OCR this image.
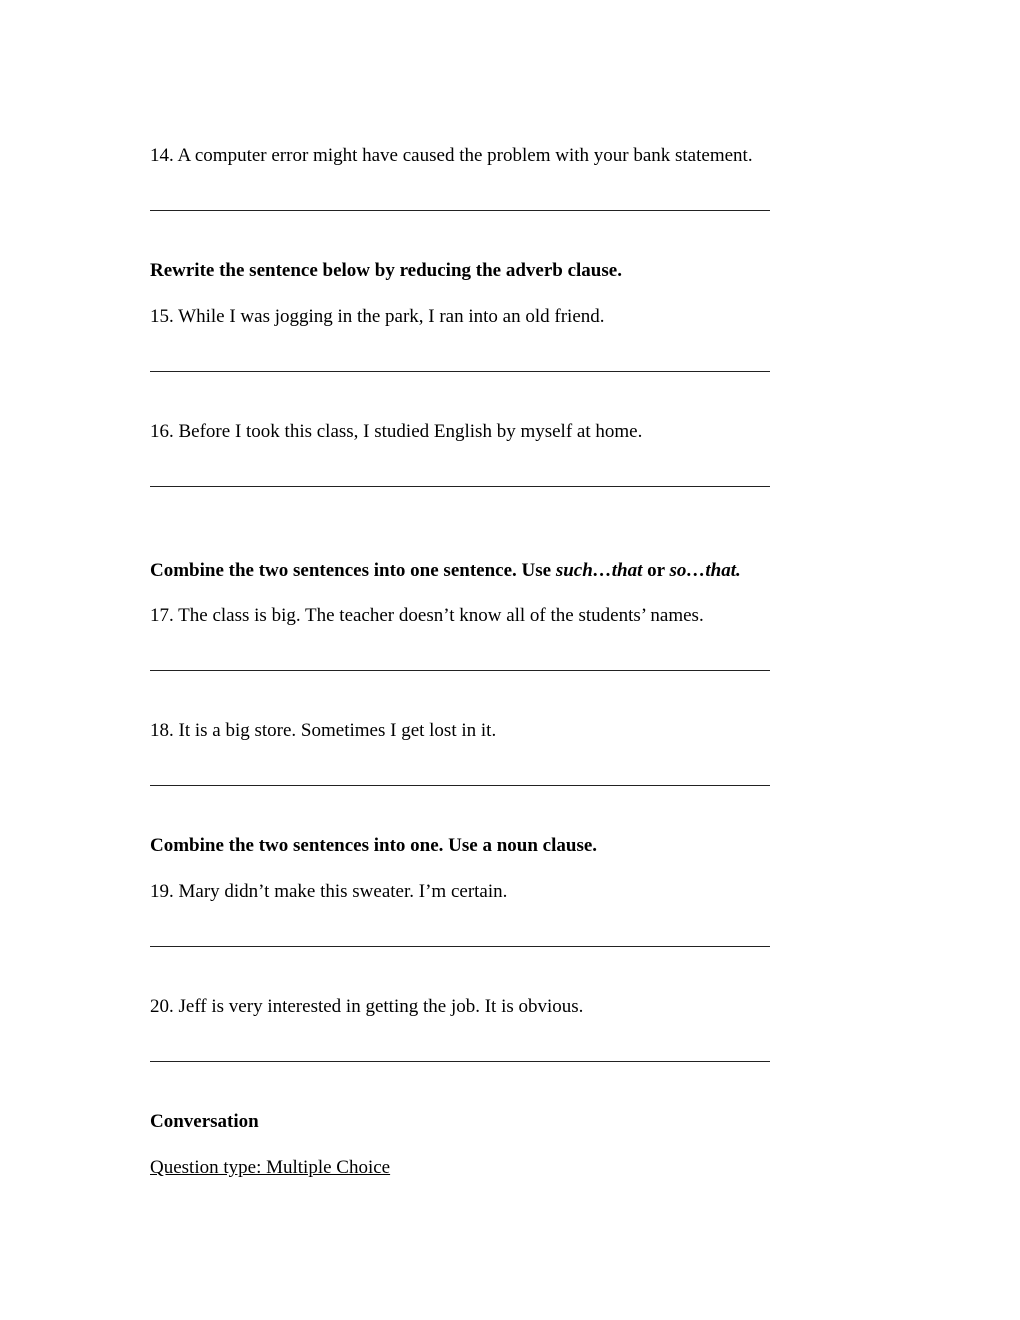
14. A computer error might have caused the problem with your bank statement.
Rewrite the sentence below by reducing the adverb clause.
15. While I was jogging in the park, I ran into an old friend.
16. Before I took this class, I studied English by myself at home.
Combine the two sentences into one sentence. Use such…that or so…that.
17. The class is big. The teacher doesn’t know all of the students’ names.
18. It is a big store. Sometimes I get lost in it.
Combine the two sentences into one. Use a noun clause.
19. Mary didn’t make this sweater. I’m certain.
20. Jeff is very interested in getting the job. It is obvious.
Conversation
Question type: Multiple Choice
